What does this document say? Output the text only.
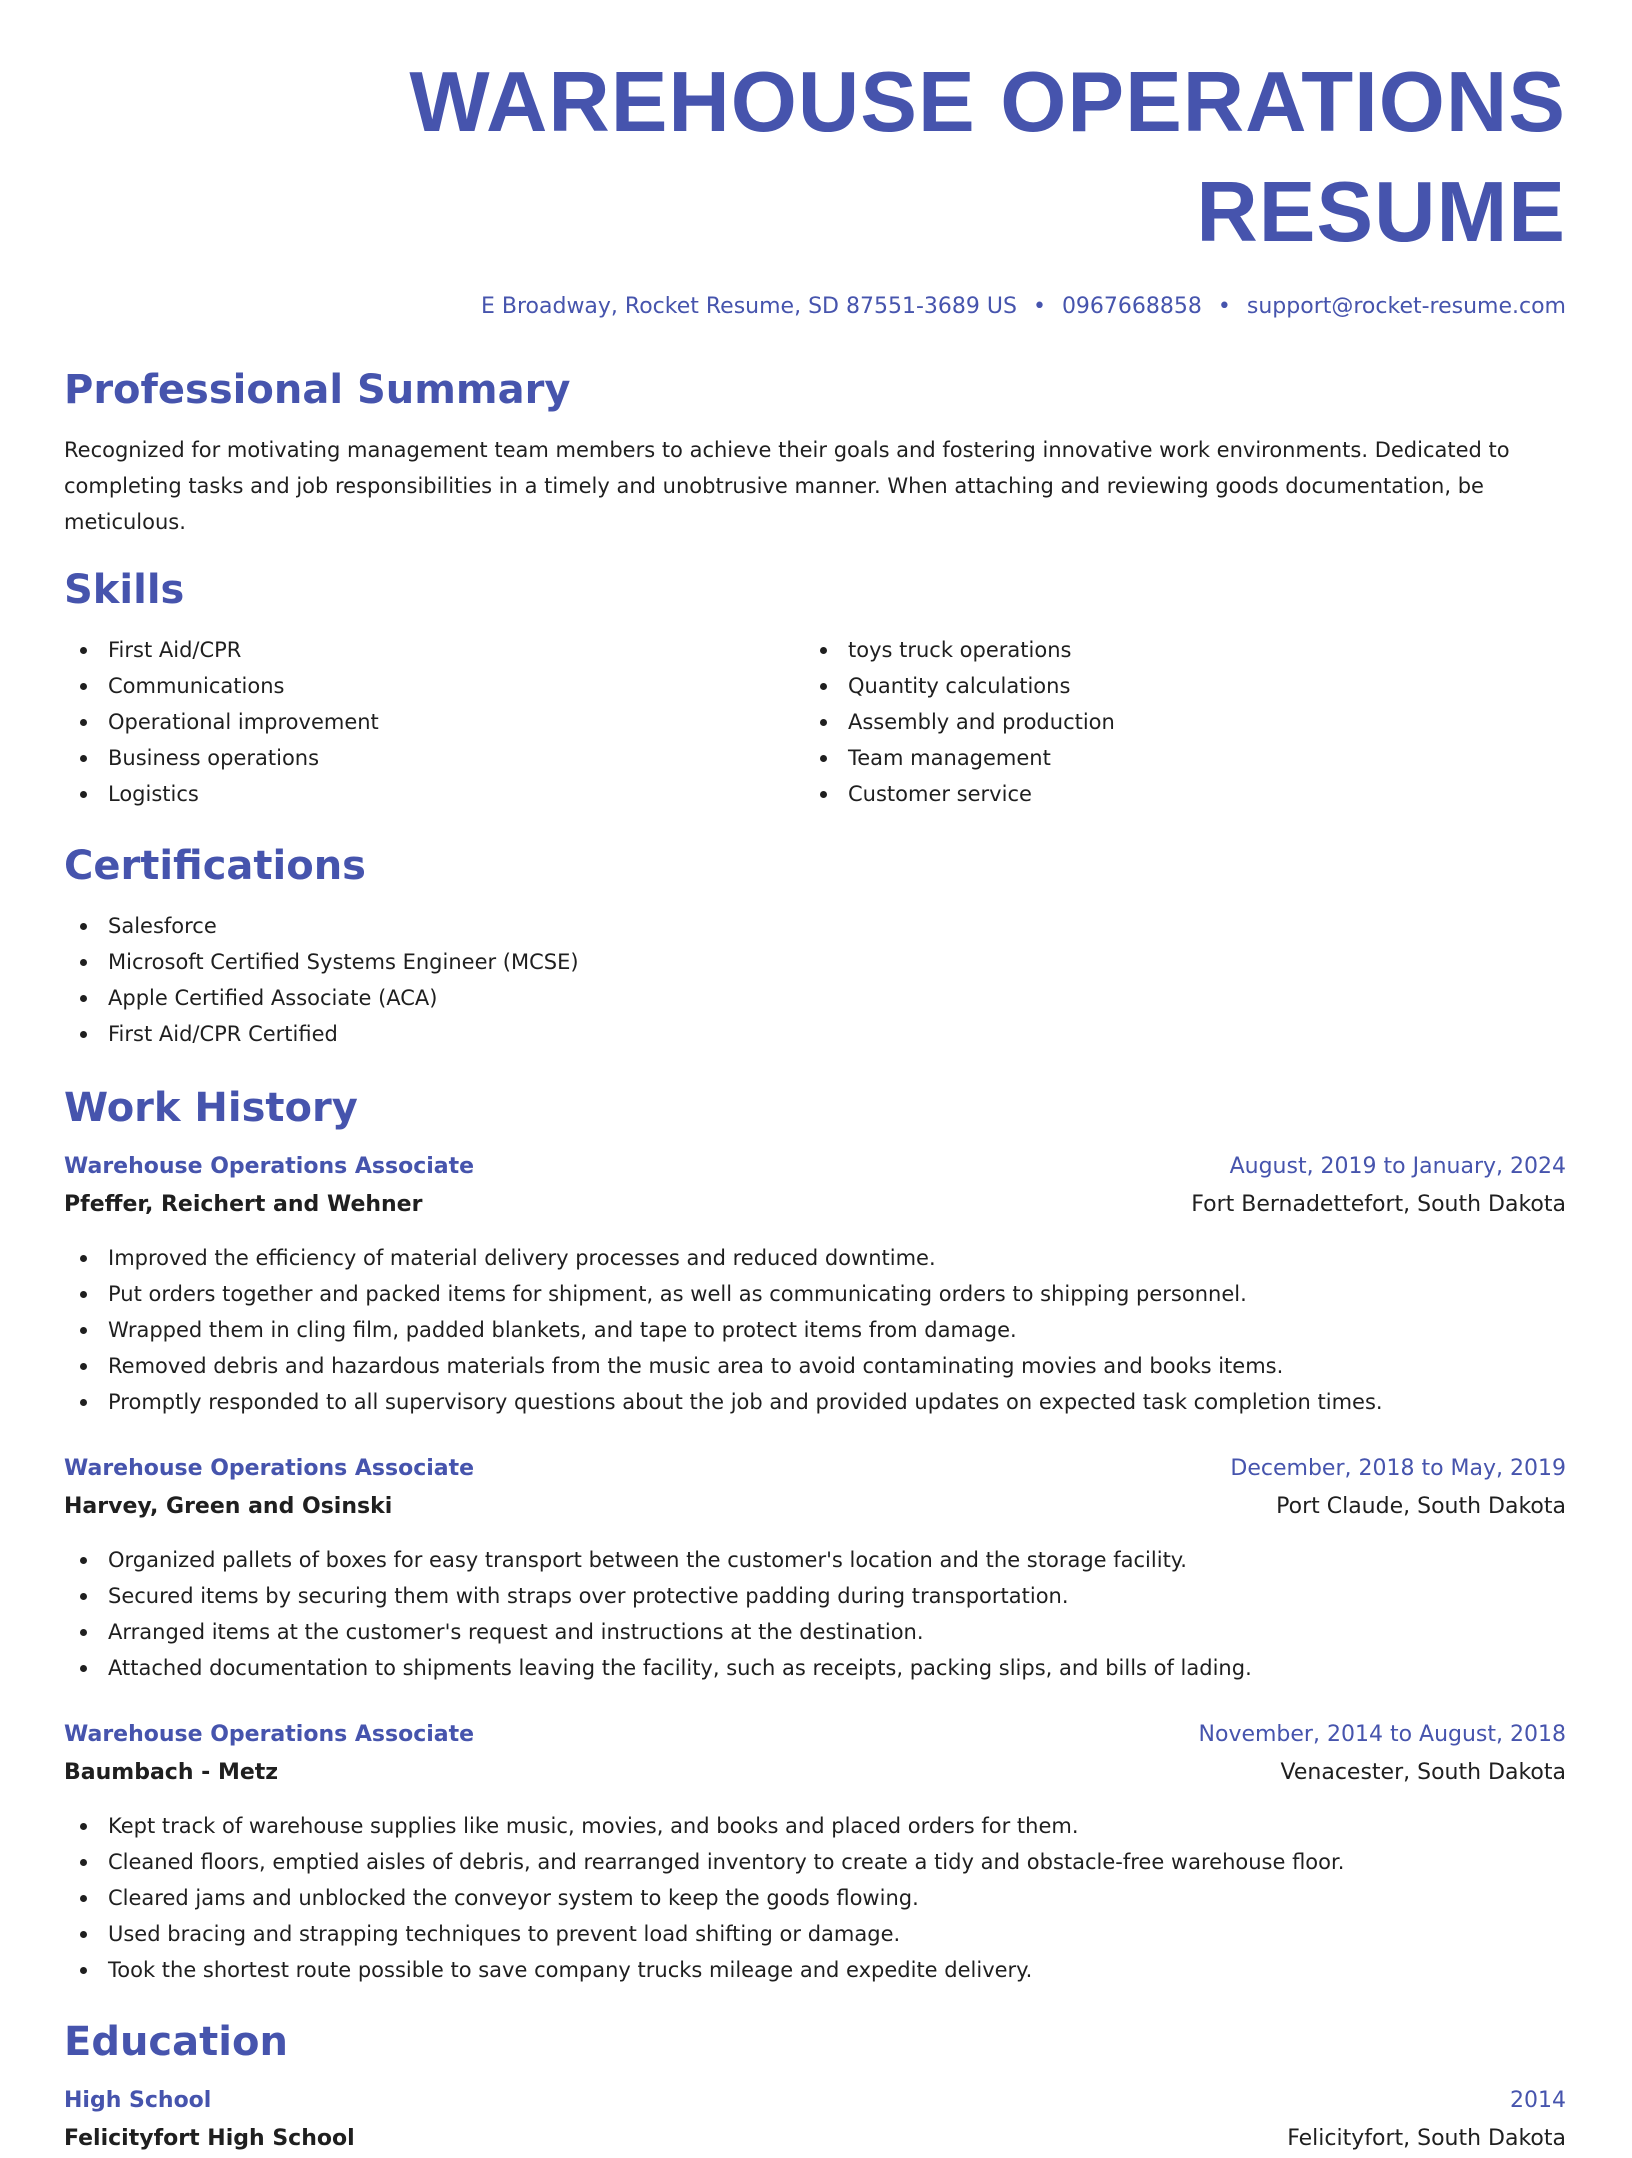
WAREHOUSE OPERATIONS RESUME
E Broadway, Rocket Resume, SD 87551-3689 US • 0967668858 • support@rocket-resume.com
Professional Summary

Recognized for motivating management team members to achieve their goals and fostering innovative work environments. Dedicated to completing tasks and job responsibilities in a timely and unobtrusive manner. When attaching and reviewing goods documentation, be meticulous.

Skills
First Aid/CPR
Communications
Operational improvement
Business operations
Logistics
toys truck operations
Quantity calculations
Assembly and production
Team management
Customer service
Certifications
Salesforce
Microsoft Certified Systems Engineer (MCSE)
Apple Certified Associate (ACA)
First Aid/CPR Certified
Work History
Warehouse Operations Associate	August, 2019 to January, 2024
Pfeffer, Reichert and Wehner	Fort Bernadettefort, South Dakota
Improved the efficiency of material delivery processes and reduced downtime.
Put orders together and packed items for shipment, as well as communicating orders to shipping personnel.
Wrapped them in cling film, padded blankets, and tape to protect items from damage.
Removed debris and hazardous materials from the music area to avoid contaminating movies and books items.
Promptly responded to all supervisory questions about the job and provided updates on expected task completion times.
Warehouse Operations Associate	December, 2018 to May, 2019
Harvey, Green and Osinski	Port Claude, South Dakota
Organized pallets of boxes for easy transport between the customer's location and the storage facility.
Secured items by securing them with straps over protective padding during transportation.
Arranged items at the customer's request and instructions at the destination.
Attached documentation to shipments leaving the facility, such as receipts, packing slips, and bills of lading.
Warehouse Operations Associate	November, 2014 to August, 2018
Baumbach - Metz	Venacester, South Dakota
Kept track of warehouse supplies like music, movies, and books and placed orders for them.
Cleaned floors, emptied aisles of debris, and rearranged inventory to create a tidy and obstacle-free warehouse floor.
Cleared jams and unblocked the conveyor system to keep the goods flowing.
Used bracing and strapping techniques to prevent load shifting or damage.
Took the shortest route possible to save company trucks mileage and expedite delivery.
Education
High School	2014
Felicityfort High School	Felicityfort, South Dakota
